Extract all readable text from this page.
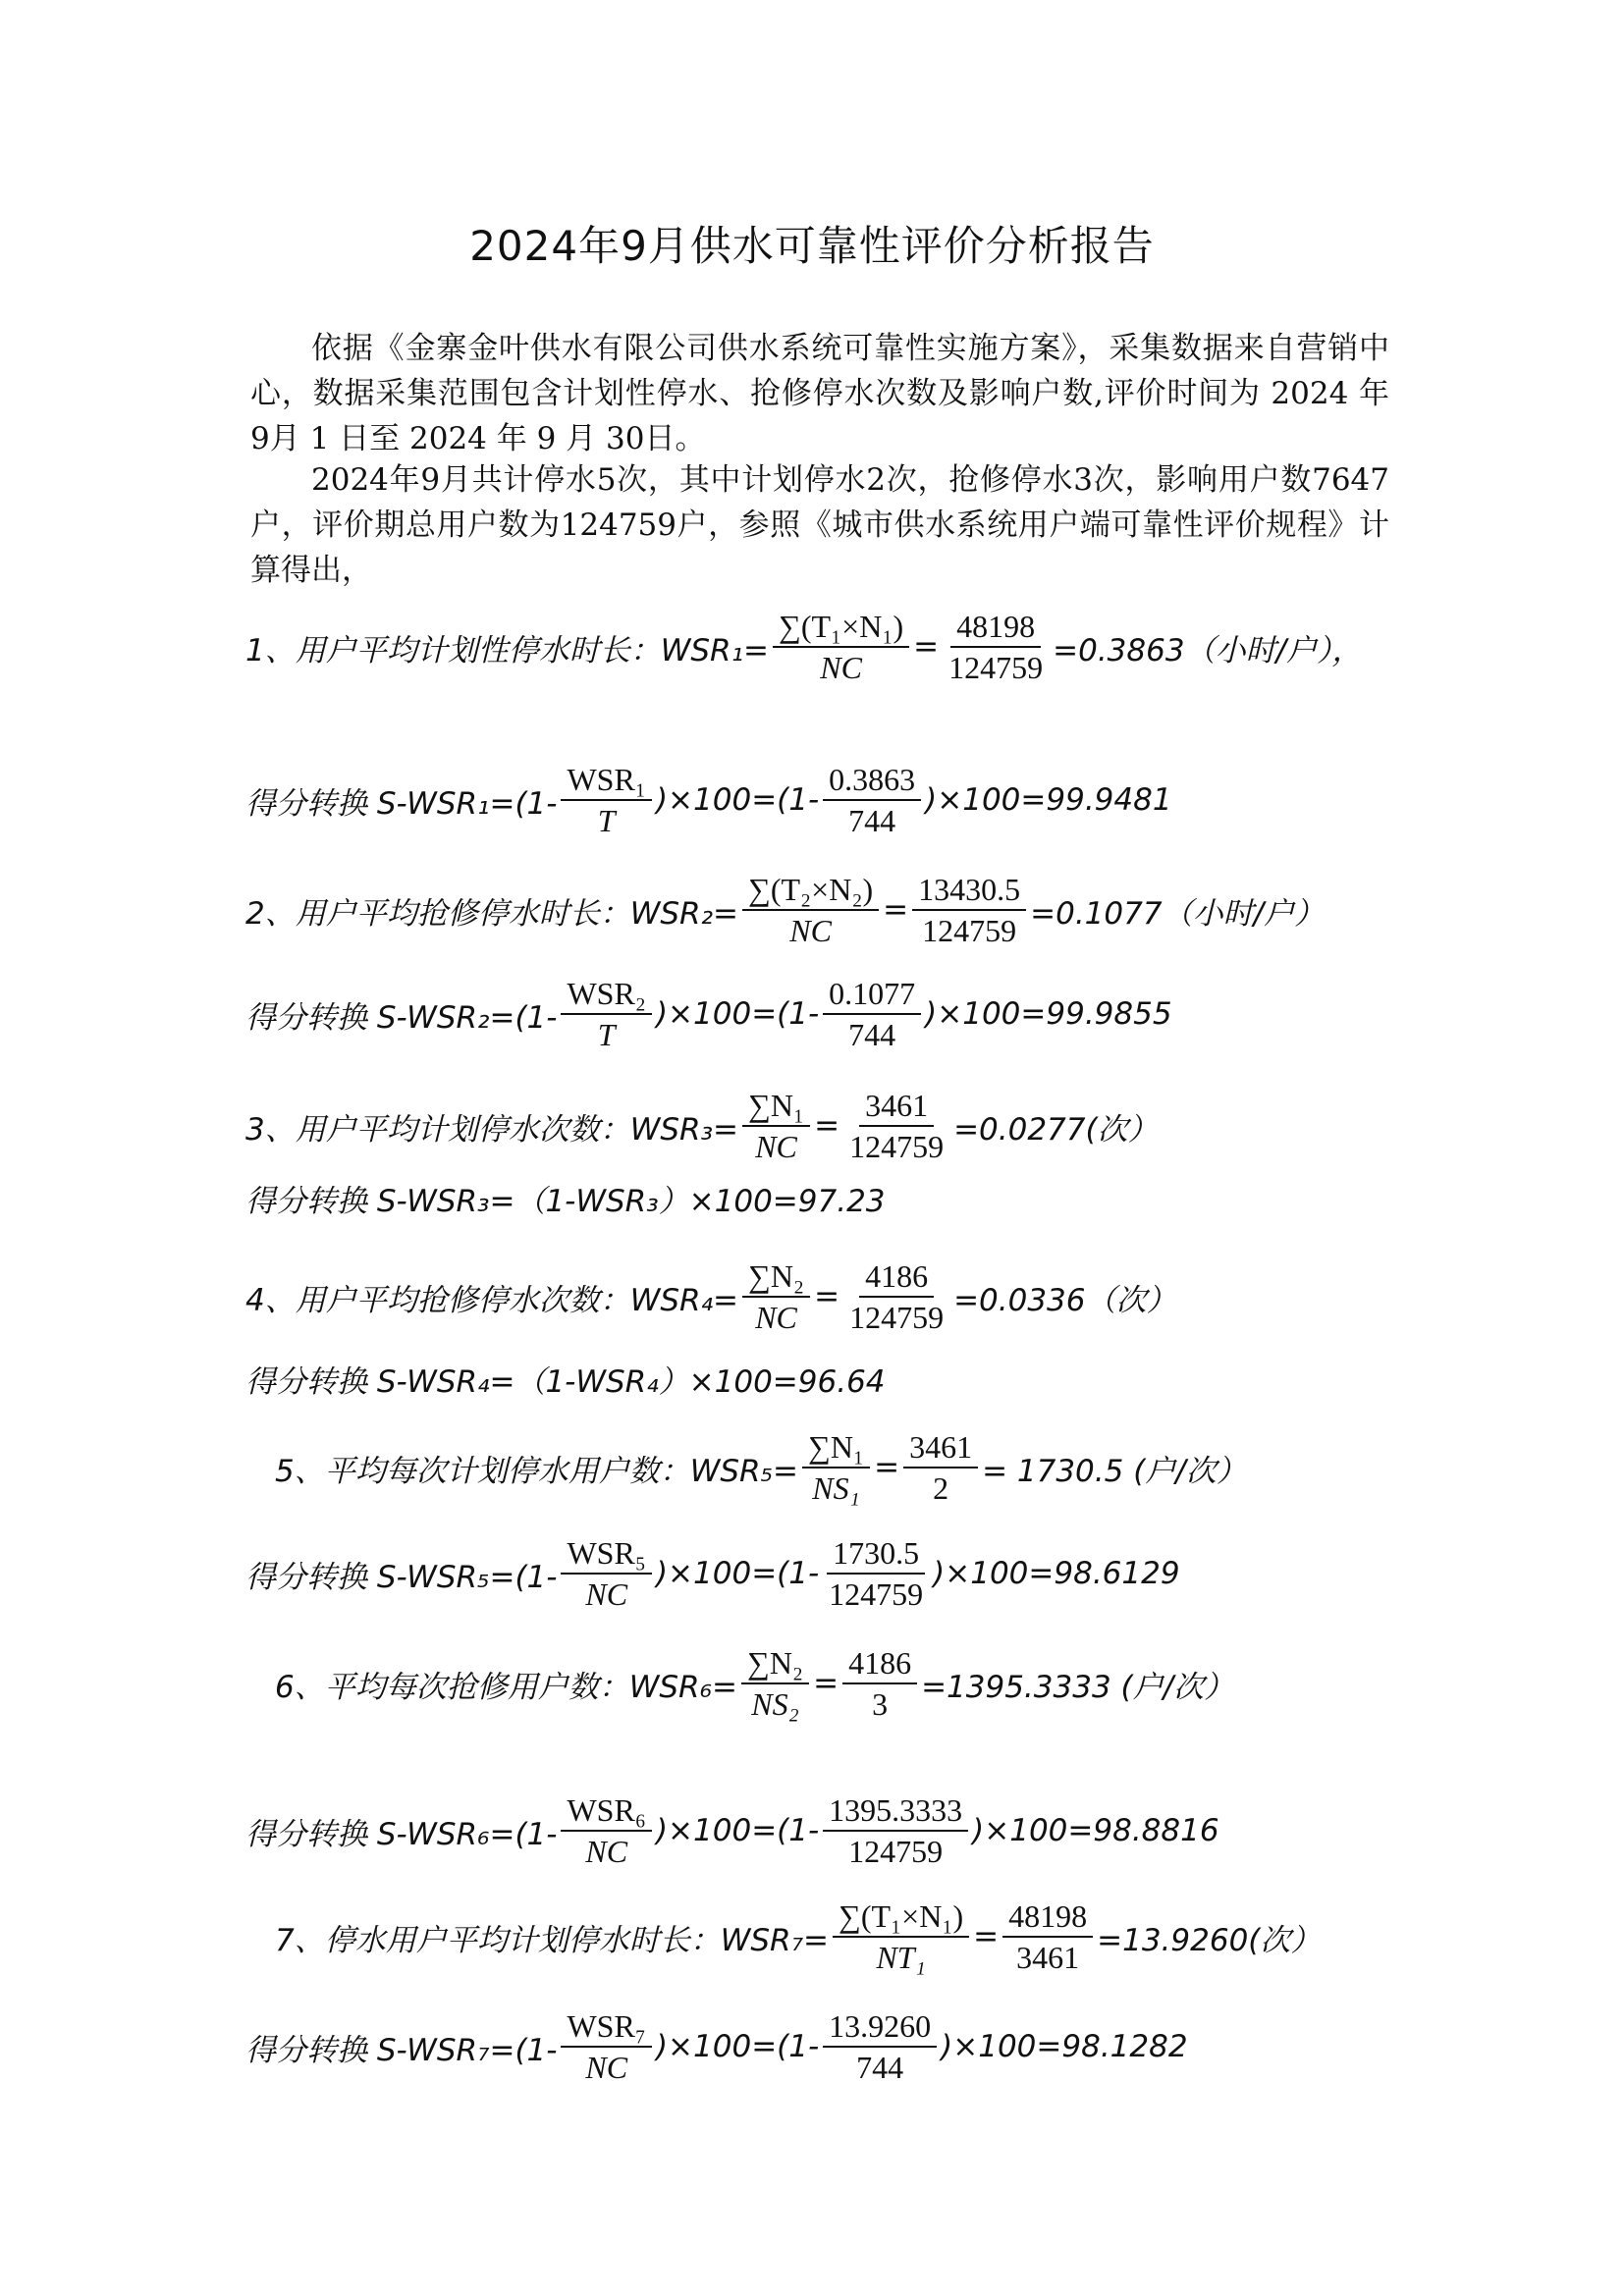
2024年9月供水可靠性评价分析报告
依据《金寨金叶供水有限公司供水系统可靠性实施方案》，采集数据来自营销中心，数据采集范围包含计划性停水、抢修停水次数及影响户数,评价时间为 2024 年 9月 1 日至 2024 年 9 月 30日。
2024年9月共计停水5次，其中计划停水2次，抢修停水3次，影响用户数7647户，评价期总用户数为124759户，参照《城市供水系统用户端可靠性评价规程》计算得出，
1、用户平均计划性停水时长：$WSR_1= \frac{\text{∑(T₁×N₁)}}{NC} = \frac{48198}{124759} =0.3863$（小时/户），
得分转换 $S-WSR_1=(1- \frac{\text{WSR₁}}{T} )\times 100=(1- \frac{0.3863}{744} )\times 100=99.9481$
2、用户平均抢修停水时长：$WSR_2= \frac{\text{∑(T₂×N₂)}}{NC} = \frac{13430.5}{124759} =0.1077$（小时/户）
得分转换 $S-WSR_2=(1- \frac{\text{WSR₂}}{T} )\times 100=(1- \frac{0.1077}{744} )\times 100=99.9855$
3、用户平均计划停水次数：$WSR_3= \frac{\text{∑N₁}}{NC} = \frac{3461}{124759} =0.0277$(次）
得分转换 S-WSR₃=（1-WSR₃）×100=97.23
4、用户平均抢修停水次数：$WSR_4= \frac{\text{∑N₂}}{NC} = \frac{4186}{124759} =0.0336$（次）
得分转换 S-WSR₄=（1-WSR₄）×100=96.64
5、平均每次计划停水用户数：$WSR_5= \frac{\text{∑N₁}}{\text{NS₁}} = \frac{3461}{2} = 1730.5$ (户/次）
得分转换 $S-WSR_5=(1- \frac{\text{WSR₅}}{NC} )\times 100=(1- \frac{1730.5}{124759} )\times 100=98.6129$
6、平均每次抢修用户数：$WSR_6= \frac{\text{∑N₂}}{\text{NS₂}} = \frac{4186}{3} =1395.3333$ (户/次）
得分转换 $S-WSR_6=(1- \frac{\text{WSR₆}}{NC} )\times 100=(1- \frac{1395.3333}{124759} )\times 100=98.8816$
7、停水用户平均计划停水时长：$WSR_7= \frac{\text{∑(T₁×N₁)}}{\text{NT₁}} = \frac{48198}{3461} =13.9260$(次）
得分转换 $S-WSR_7=(1- \frac{\text{WSR₇}}{NC} )\times 100=(1- \frac{13.9260}{744} )\times 100=98.1282$
